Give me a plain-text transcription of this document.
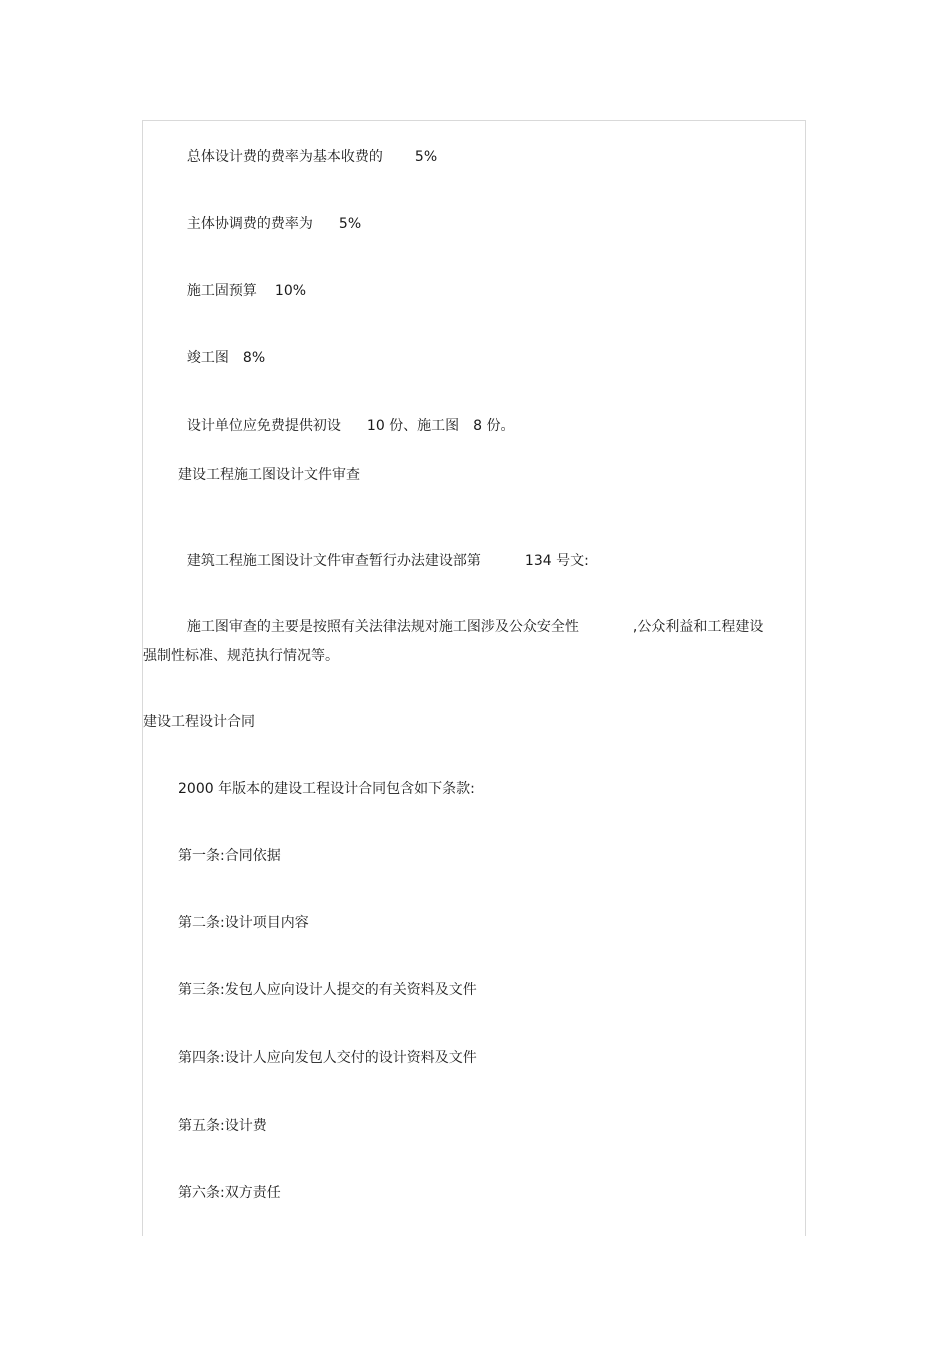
总体设计费的费率为基本收费的 5%

主体协调费的费率为 5%

施工固预算 10%

竣工图 8%

设计单位应免费提供初设 10 份、施工图 8 份。

建设工程施工图设计文件审查

建筑工程施工图设计文件审查暂行办法建设部第	134 号文:

施工图审查的主要是按照有关法律法规对施工图涉及公众安全性	,公众利益和工程建设

强制性标准、规范执行情况等。
建设工程设计合同
2000 年版本的建设工程设计合同包含如下条款:
第一条:合同依据
第二条:设计项目内容
第三条:发包人应向设计人提交的有关资料及文件
第四条:设计人应向发包人交付的设计资料及文件
第五条:设计费
第六条:双方责任
